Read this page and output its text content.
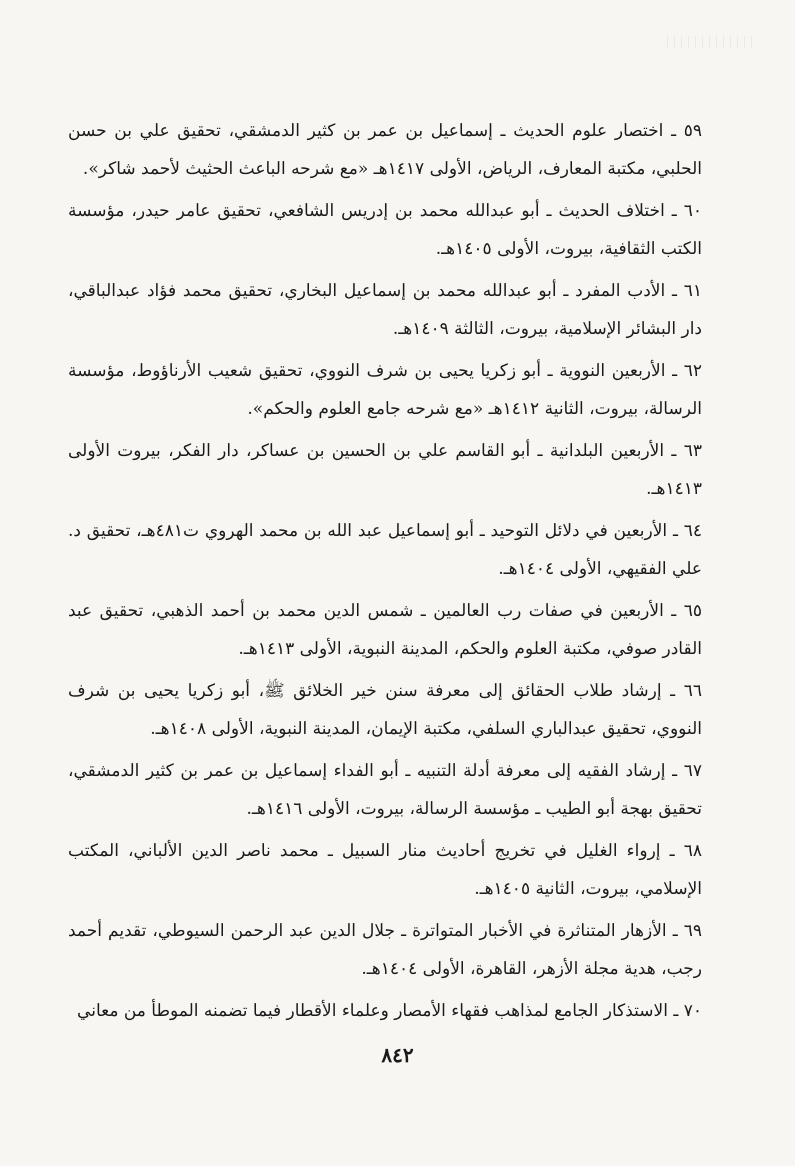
٥٩ ـ اختصار علوم الحديث ـ إسماعيل بن عمر بن كثير الدمشقي، تحقيق علي بن حسن الحلبي، مكتبة المعارف، الرياض، الأولى ١٤١٧هـ «مع شرحه الباعث الحثيث لأحمد شاكر».

٦٠ ـ اختلاف الحديث ـ أبو عبدالله محمد بن إدريس الشافعي، تحقيق عامر حيدر، مؤسسة الكتب الثقافية، بيروت، الأولى ١٤٠٥هـ.

٦١ ـ الأدب المفرد ـ أبو عبدالله محمد بن إسماعيل البخاري، تحقيق محمد فؤاد عبدالباقي، دار البشائر الإسلامية، بيروت، الثالثة ١٤٠٩هـ.

٦٢ ـ الأربعين النووية ـ أبو زكريا يحيى بن شرف النووي، تحقيق شعيب الأرناؤوط، مؤسسة الرسالة، بيروت، الثانية ١٤١٢هـ «مع شرحه جامع العلوم والحكم».

٦٣ ـ الأربعين البلدانية ـ أبو القاسم علي بن الحسين بن عساكر، دار الفكر، بيروت الأولى ١٤١٣هـ.

٦٤ ـ الأربعين في دلائل التوحيد ـ أبو إسماعيل عبد الله بن محمد الهروي ت٤٨١هـ، تحقيق د. علي الفقيهي، الأولى ١٤٠٤هـ.

٦٥ ـ الأربعين في صفات رب العالمين ـ شمس الدين محمد بن أحمد الذهبي، تحقيق عبد القادر صوفي، مكتبة العلوم والحكم، المدينة النبوية، الأولى ١٤١٣هـ.

٦٦ ـ إرشاد طلاب الحقائق إلى معرفة سنن خير الخلائق ﷺ، أبو زكريا يحيى بن شرف النووي، تحقيق عبدالباري السلفي، مكتبة الإيمان، المدينة النبوية، الأولى ١٤٠٨هـ.

٦٧ ـ إرشاد الفقيه إلى معرفة أدلة التنبيه ـ أبو الفداء إسماعيل بن عمر بن كثير الدمشقي، تحقيق بهجة أبو الطيب ـ مؤسسة الرسالة، بيروت، الأولى ١٤١٦هـ.

٦٨ ـ إرواء الغليل في تخريج أحاديث منار السبيل ـ محمد ناصر الدين الألباني، المكتب الإسلامي، بيروت، الثانية ١٤٠٥هـ.

٦٩ ـ الأزهار المتناثرة في الأخبار المتواترة ـ جلال الدين عبد الرحمن السيوطي، تقديم أحمد رجب، هدية مجلة الأزهر، القاهرة، الأولى ١٤٠٤هـ.

٧٠ ـ الاستذكار الجامع لمذاهب فقهاء الأمصار وعلماء الأقطار فيما تضمنه الموطأ من معاني

٨٤٢
